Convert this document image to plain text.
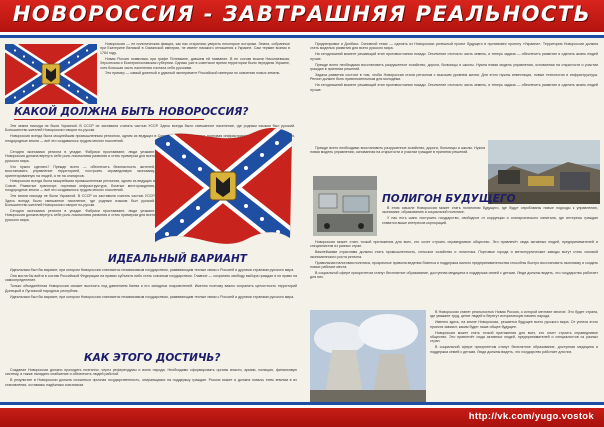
НОВОРОССИЯ - ЗАВТРАШНЯЯ РЕАЛЬНОСТЬ

Новороссия — не политическая фикция, как нас старались уверить некоторые историки. Земли, собранные при Екатерине Великой в Османской империи, не имеют никакого отношения к Украине. Сам термин возник в 1764 году.

Новая Россия появилась при графе Потемкине, давшем ей название. В ее состав вошли Николаевская, Херсонская и Екатеринославская губернии. Однако уже в советское время территории были переданы Украине, хотя большая часть населения считала себя русскими.

Это пример — самый длинный и удачный эксперимент Российской империи по освоению новых земель.

КАКОЙ ДОЛЖНА БЫТЬ НОВОРОССИЯ?

Эти земли никогда не были Украиной. В СССР их заставили считать частью УССР. Здесь всегда было смешанное население, где родным языком был русский. Большинство жителей Новороссии говорит по-русски.

Новороссия всегда была мощнейшим промышленным регионом, одним из ведущих в Союзе. Развитые транспорт, портовая инфраструктура, богатые месторождения, плодородные земли — всё это создавалось трудом многих поколений.

Сегодня экономика региона в упадке. Фабрики простаивают, люди уезжают. Новороссия должна вернуть себе роль локомотива развития и стать примером для всего русского мира.

Что нужно сделать? Прежде всего — обеспечить безопасность жителей, восстановить управление территорией, построить справедливую экономику, ориентированную на людей, а не на олигархов.

Новороссия всегда была мощнейшим промышленным регионом, одним из ведущих в Союзе. Развитые транспорт, портовая инфраструктура, богатые месторождения, плодородные земли — всё это создавалось трудом многих поколений.

Эти земли никогда не были Украиной. В СССР их заставили считать частью УССР. Здесь всегда было смешанное население, где родным языком был русский. Большинство жителей Новороссии говорит по-русски.

Сегодня экономика региона в упадке. Фабрики простаивают, люди уезжают. Новороссия должна вернуть себе роль локомотива развития и стать примером для всего русского мира.

ИДЕАЛЬНЫЙ ВАРИАНТ

Идеальным был бы вариант, при котором Новороссия становится независимым государством, развивающим тесные связи с Россией и другими странами русского мира.

Она могла бы войти в состав Российской Федерации на правах субъекта либо стать союзным государством. Главное — сохранить свободу выбора граждан и их право на самоопределение.

Только объединённая Новороссия сможет выстоять под давлением Киева и его западных покровителей. Именно поэтому важно сохранить целостность территорий Донецкой и Луганской народных республик.

Идеальным был бы вариант, при котором Новороссия становится независимым государством, развивающим тесные связи с Россией и другими странами русского мира.

КАК ЭТОГО ДОСТИЧЬ?

Создание Новороссии должно проходить поэтапно, через референдумы и волю народа. Необходимо сформировать органы власти, армию, полицию, финансовую систему, а также наладить снабжение и обеспечить людей работой.

В результате в Новороссии должна сложиться прочная государственность, опирающаяся на поддержку граждан. Россия может и должна помочь этим землям в их становлении, оставаясь надёжным союзником.

Приднепровье и Донбасс. Основной тезис — сделать из Новороссии успешный проект будущего в противовес проекту «Украина». Территория Новороссии должна стать моделью развития для всего русского мира.

На сегодняшний момент решающий этап противостояния позади. Ополчение отстояло часть земель, и теперь задача — обеспечить развитие и сделать жизнь людей лучше.

Прежде всего необходимо восстановить разрушенное хозяйство, дороги, больницы и школы. Нужна новая модель управления, основанная на открытости и участии граждан в принятии решений.

Задача развития состоит в том, чтобы Новороссия стала регионом с высоким уровнем жизни. Для этого нужны инвестиции, новые технологии и инфраструктура. Регион должен быть привлекательным для молодёжи.

На сегодняшний момент решающий этап противостояния позади. Ополчение отстояло часть земель, и теперь задача — обеспечить развитие и сделать жизнь людей лучше.

Прежде всего необходимо восстановить разрушенное хозяйство, дороги, больницы и школы. Нужна новая модель управления, основанная на открытости и участии граждан в принятии решений.

ПОЛИГОН БУДУЩЕГО

В этом смысле Новороссия может стать полигоном будущего, где будут опробованы новые подходы к управлению, экономике, образованию и социальной политике.

У нас есть шанс построить государство, свободное от коррупции и олигархического капитала, где интересы граждан ставятся выше интересов корпораций.

Новороссия может стать точкой притяжения для всех, кто хочет строить справедливое общество. Это привлечёт сюда активных людей, предпринимателей и специалистов из разных стран.

Важнейшими отраслями должны стать промышленность, сельское хозяйство и логистика. Портовые города и металлургические заводы могут стать основой экономического роста региона.

Правильная налоговая политика, прозрачные правила ведения бизнеса и поддержка малого предпринимательства способны быстро восстановить экономику и создать новые рабочие места.

В социальной сфере приоритетом станут бесплатное образование, доступная медицина и поддержка семей с детьми. Люди должны видеть, что государство работает для них.

В Новороссии станет реальностью Новая Россия, о которой мечтают многие. Это будет страна, где уважают труд, ценят людей и берегут историческую память народа.

Именно здесь, на земле Новороссии, решается будущее всего русского мира. От успеха этого проекта зависит, каким будет наше общее будущее.

Новороссия может стать точкой притяжения для всех, кто хочет строить справедливое общество. Это привлечёт сюда активных людей, предпринимателей и специалистов из разных стран.

В социальной сфере приоритетом станут бесплатное образование, доступная медицина и поддержка семей с детьми. Люди должны видеть, что государство работает для них.

http://vk.com/yugo.vostok
